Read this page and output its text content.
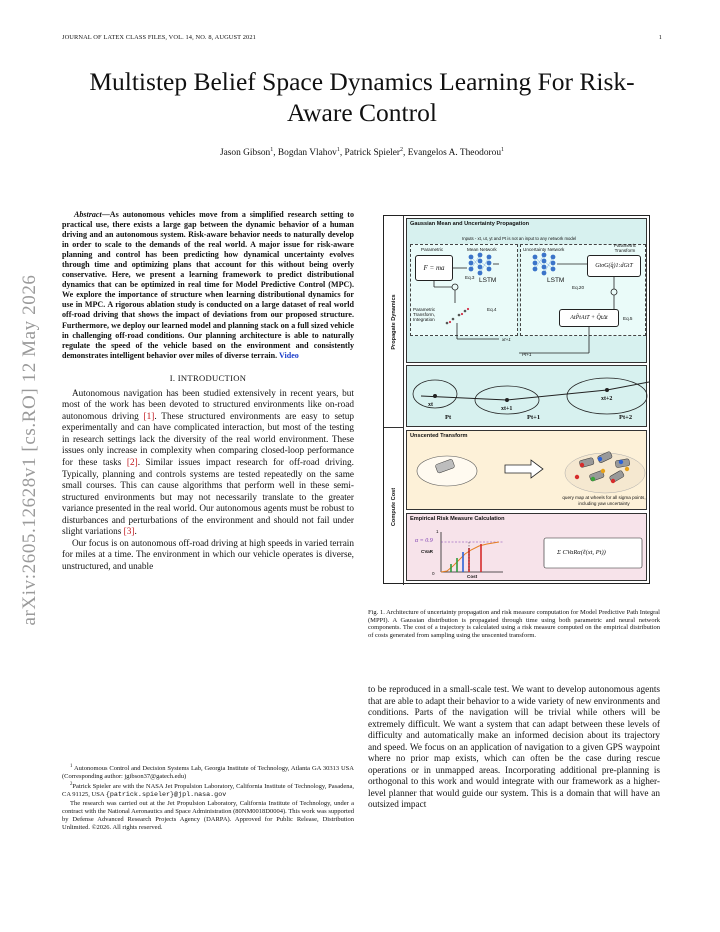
JOURNAL OF LATEX CLASS FILES, VOL. 14, NO. 8, AUGUST 2021	1
arXiv:2605.12628v1 [cs.RO] 12 May 2026
Multistep Belief Space Dynamics Learning For Risk-Aware Control
Jason Gibson$^1$, Bogdan Vlahov$^1$, Patrick Spieler$^2$, Evangelos A. Theodorou$^1$

Abstract—As autonomous vehicles move from a simplified research setting to practical use, there exists a large gap between the dynamic behavior of a human driving and an autonomous system. Risk-aware behavior needs to naturally develop in order to scale to the demands of the real world. A major issue for risk-aware planning and control has been predicting how dynamical uncertainty evolves through time and optimizing plans that account for this without being overly conservative. Here, we present a learning framework to predict distributional dynamics that can be optimized in real time for Model Predictive Control (MPC). We explore the importance of structure when learning distributional dynamics for use in MPC. A rigorous ablation study is conducted on a large dataset of real world off-road driving that shows the impact of deviations from our proposed structure. Furthermore, we deploy our learned model and planning stack on a full sized vehicle in challenging off-road conditions. Our planning architecture is able to naturally regulate the speed of the vehicle based on the environment and consistently demonstrates intelligent behavior over miles of diverse terrain. Video

I. INTRODUCTION

Autonomous navigation has been studied extensively in recent years, but most of the work has been devoted to structured environments like on-road autonomous driving [1]. These structured environments are easy to setup experimentally and can have complicated interaction, but most of the testing in research settings lack the diversity of the real world environment. These issues only increase in complexity when comparing closed-loop performance for these tasks [2]. Similar issues impact research for off-road driving. Typically, planning and controls systems are tested repeatedly on the same small courses. This can cause algorithms that perform well in these semi-structured environments but may not necessarily translate to the greater variance presented in the real world. Our autonomous agents must be robust to disturbances and perturbations of the environment and should not fail under slight variations [3].

Our focus is on autonomous off-road driving at high speeds in varied terrain for miles at a time. The environment in which our vehicle operates is diverse, unstructured, and unable

$^1$ Autonomous Control and Decision Systems Lab, Georgia Institute of Technology, Atlanta GA 30313 USA (Corresponding author: jgibson37@gatech.edu)

$^2$Patrick Spieler are with the NASA Jet Propulsion Laboratory, California Institute of Technology, Pasadena, CA 91125, USA {patrick.spieler}@jpl.nasa.gov

The research was carried out at the Jet Propulsion Laboratory, California Institute of Technology, under a contract with the National Aeronautics and Space Administration (80NM0018D0004). This work was supported by Defense Advanced Research Projects Agency (DARPA). Approved for Public Release, Distribution Unlimited. ©2026. All rights reserved.

Propagate Dynamics
Compute Cost
Gaussian Mean and Uncertainty Propagation
Inputs - xt, ut, yt and Pt is not an input to any network model
Parametric	Mean Network	Uncertainty Network
Parametric Transform
F = ma	GtσG(q̂)1:dGtT
AtP̂tAtT + Q̂tΔt
LSTM	LSTM
Eq.3
Eq.4
Eq.5
Eq.20
Parametric Transform, Integration
xt+1
Pt+1
xt
xt+1
xt+2
Pt	Pt+1	Pt+2
Unscented Transform
query map at wheels for all sigma points, including yaw uncertainty
Empirical Risk Measure Calculation
α = 0.9
CVaR
1
0
Cost
Σ CVaRα(ℓ(xt, Pt))
Fig. 1. Architecture of uncertainty propagation and risk measure computation for Model Predictive Path Integral (MPPI). A Gaussian distribution is propagated through time using both parametric and neural network components. The cost of a trajectory is calculated using a risk measure computed on the empirical distribution of costs generated from sampling using the unscented transform.
to be reproduced in a small-scale test. We want to develop autonomous agents that are able to adapt their behavior to a wide variety of new environments and conditions. Parts of the navigation will be trivial while others will be extremely difficult. We want a system that can adapt between these levels of difficulty and automatically make an informed decision about its trajectory and speed. We focus on an application of navigation to a given GPS waypoint where no prior map exists, which can often be the case during rescue operations or in unmapped areas. Incorporating additional pre-planning is orthogonal to this work and would integrate with our framework as a higher-level planner that would guide our system. This is a domain that will have an outsized impact
